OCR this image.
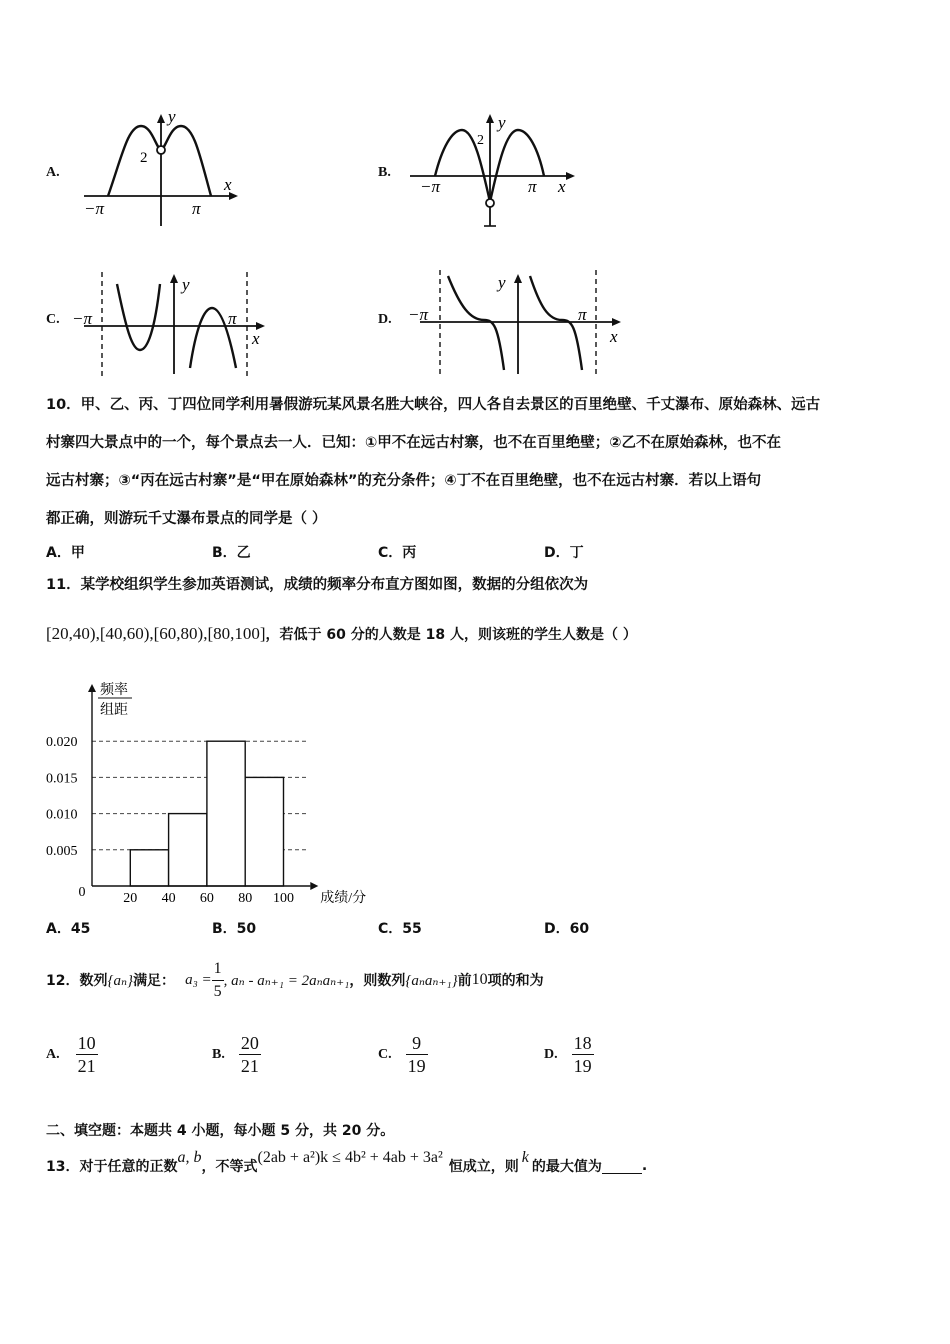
A.
y
x
2
−π	π
B.
y
x
2
−π	π
C.
y
x
−π	π	D.
y
x
−π	π
10．甲、乙、丙、丁四位同学利用暑假游玩某风景名胜大峡谷，四人各自去景区的百里绝壁、千丈瀑布、原始森林、远古
村寨四大景点中的一个，每个景点去一人．已知：①甲不在远古村寨，也不在百里绝壁；②乙不在原始森林，也不在
远古村寨；③“丙在远古村寨”是“甲在原始森林”的充分条件；④丁不在百里绝壁，也不在远古村寨．若以上语句
都正确，则游玩千丈瀑布景点的同学是（ ）
A．甲	B．乙	C．丙	D．丁
11．某学校组织学生参加英语测试，成绩的频率分布直方图如图，数据的分组依次为
[20,40),[40,60),[60,80),[80,100]，若低于 60 分的人数是 18 人，则该班的学生人数是（ ）
0.020
0.015
0.010
0.005
20 40 60 80 100
0
频率
组距
成绩/分
A．45	B．50	C．55	D．60
12．数列 {aₙ} 满足： $a_3 = \frac{1}{5}$ , aₙ - aₙ₊₁ = 2aₙaₙ₊₁ ，则数列 {aₙaₙ₊₁} 前 10 项的和为
A. $\frac{10}{21}$	B. $\frac{20}{21}$	C. $\frac{9}{19}$	D. $\frac{18}{19}$
二、填空题：本题共 4 小题，每小题 5 分，共 20 分。
13．对于任意的正数
a, b
，不等式
(2ab + a²)k ≤ 4b² + 4ab + 3a²
恒成立，则
k
的最大值为	.
